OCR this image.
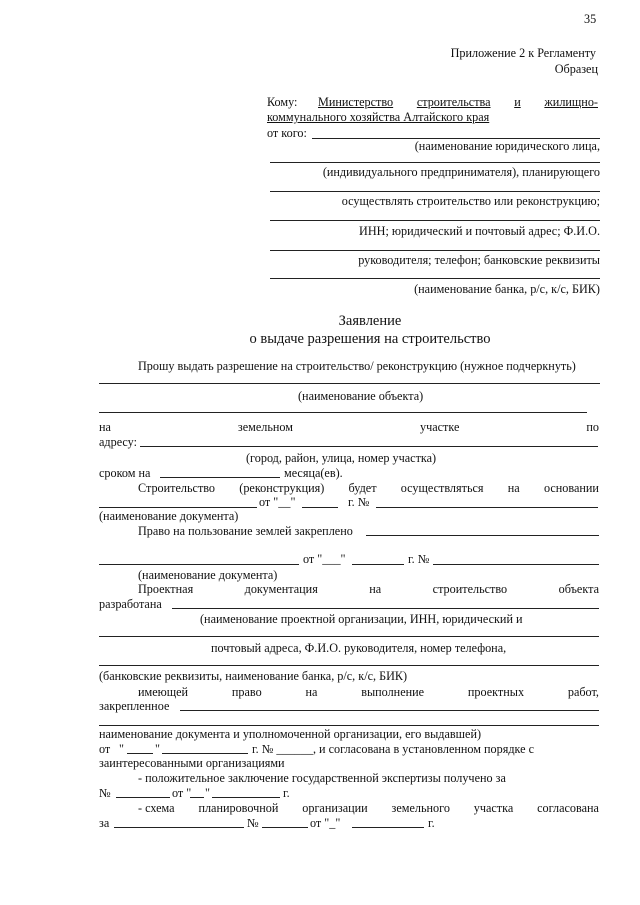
35
Приложение 2 к Регламенту
Образец
Кому: Министерство строительства и жилищно-
коммунального хозяйства Алтайского края
от кого:
(наименование юридического лица,
(индивидуального предпринимателя), планирующего
осуществлять строительство или реконструкцию;
ИНН; юридический и почтовый адрес; Ф.И.О.
руководителя; телефон; банковские реквизиты
(наименование банка, р/с, к/с, БИК)
Заявление
о выдаче разрешения на строительство
Прошу выдать разрешение на строительство/ реконструкцию (нужное подчеркнуть)
(наименование объекта)
на	земельном	участке	по
адресу:
(город, район, улица, номер участка)
сроком на	месяца(ев).
Строительство (реконструкция) будет осуществляться на основании
от "__"	г. №
(наименование документа)
Право на пользование землей закреплено
от "___"	г. №
(наименование документа)
Проектная	документация	на	строительство	объекта
разработана
(наименование проектной организации, ИНН, юридический и
почтовый адреса, Ф.И.О. руководителя, номер телефона,
(банковские реквизиты, наименование банка, р/с, к/с, БИК)
имеющей	право	на	выполнение	проектных	работ,
закрепленное
наименование документа и уполномоченной организации, его выдавшей)
от "	"	г. № ______, и согласована в установленном порядке с
заинтересованными организациями
- положительное заключение государственной экспертизы получено за
№	от " "	г.
- схема планировочной организации земельного участка согласована
за	№	от "_"	г.
